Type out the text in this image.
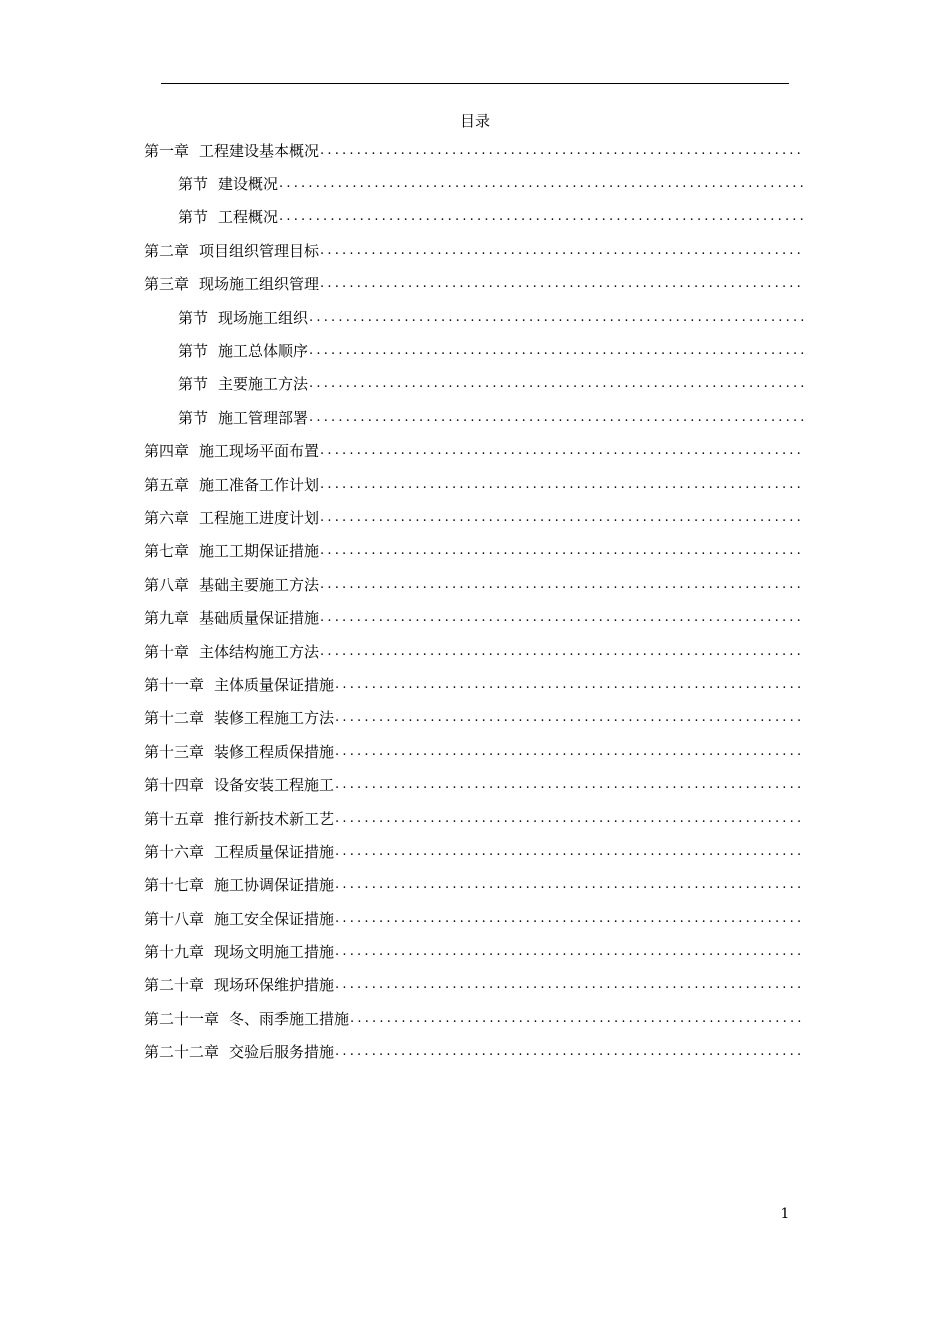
目录
第一章 工程建设基本概况
.....
第节 建设概况
.....
第节 工程概况
.....
第二章 项目组织管理目标
.....
第三章 现场施工组织管理
.....
第节 现场施工组织
.....
第节 施工总体顺序
.....
第节 主要施工方法
.....
第节 施工管理部署
.....
第四章 施工现场平面布置
.....
第五章 施工准备工作计划
.....
第六章 工程施工进度计划
.....
第七章 施工工期保证措施
.....
第八章 基础主要施工方法
.....
第九章 基础质量保证措施
.....
第十章 主体结构施工方法
.....
第十一章 主体质量保证措施
.....
第十二章 装修工程施工方法
.....
第十三章 装修工程质保措施
.....
第十四章 设备安装工程施工
.....
第十五章 推行新技术新工艺
.....
第十六章 工程质量保证措施
.....
第十七章 施工协调保证措施
.....
第十八章 施工安全保证措施
.....
第十九章 现场文明施工措施
.....
第二十章 现场环保维护措施
.....
第二十一章 冬、雨季施工措施
.....
第二十二章 交验后服务措施
.....
1
